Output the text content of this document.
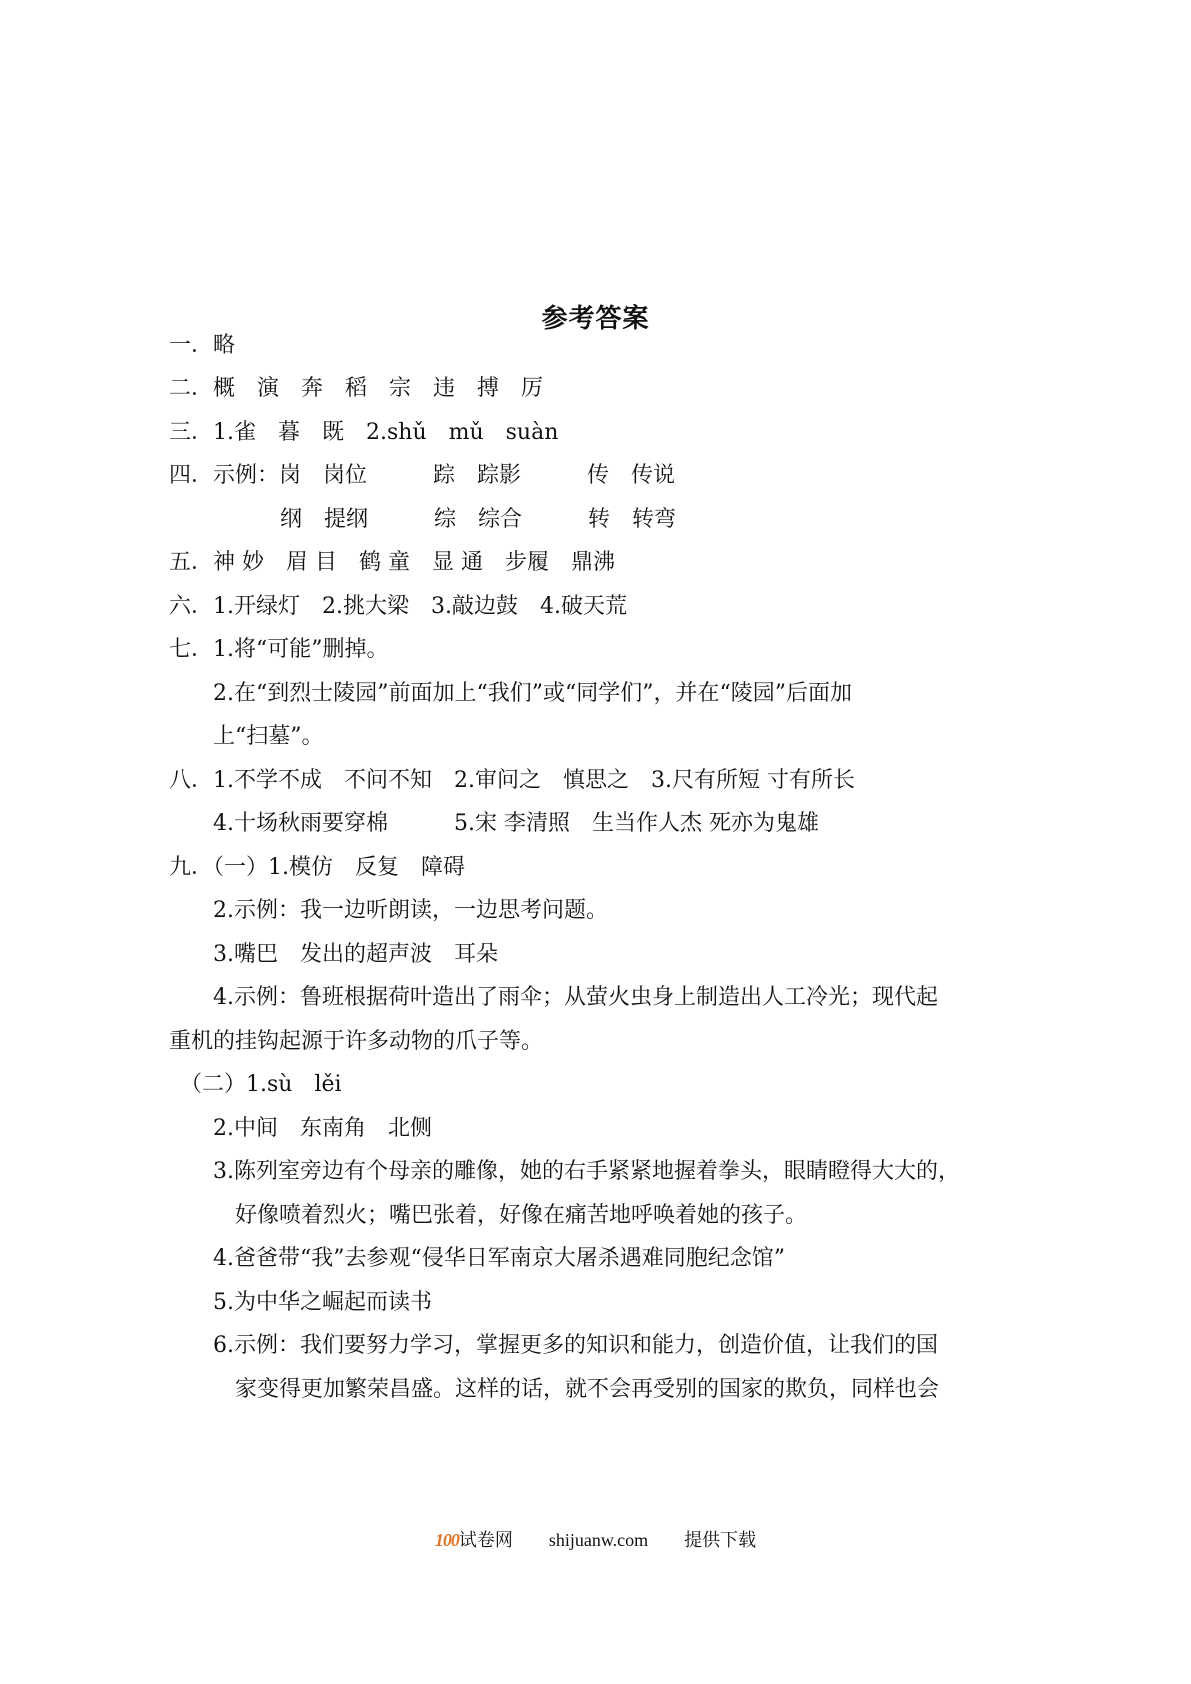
参考答案
一．略
二．概　演　奔　稻　宗　违　搏　厉
三．1.雀　暮　既　2.shǔ　mǔ　suàn
四．示例：岗　岗位　　　踪　踪影　　　传　传说
纲　提纲　　　综　综合　　　转　转弯
五．神 妙　眉 目　鹤 童　显 通　步履　鼎沸
六．1.开绿灯　2.挑大梁　3.敲边鼓　4.破天荒
七．1.将“可能”删掉。
2.在“到烈士陵园”前面加上“我们”或“同学们”，并在“陵园”后面加
上“扫墓”。
八．1.不学不成　不问不知　2.审问之　慎思之　3.尺有所短 寸有所长
4.十场秋雨要穿棉　　　5.宋 李清照　生当作人杰 死亦为鬼雄
九．（一）1.模仿　反复　障碍
2.示例：我一边听朗读，一边思考问题。
3.嘴巴　发出的超声波　耳朵
4.示例：鲁班根据荷叶造出了雨伞；从萤火虫身上制造出人工冷光；现代起
重机的挂钩起源于许多动物的爪子等。
（二）1.sù　lěi
2.中间　东南角　北侧
3.陈列室旁边有个母亲的雕像，她的右手紧紧地握着拳头，眼睛瞪得大大的，
好像喷着烈火；嘴巴张着，好像在痛苦地呼唤着她的孩子。
4.爸爸带“我”去参观“侵华日军南京大屠杀遇难同胞纪念馆”
5.为中华之崛起而读书
6.示例：我们要努力学习，掌握更多的知识和能力，创造价值，让我们的国
家变得更加繁荣昌盛。这样的话，就不会再受别的国家的欺负，同样也会
100试卷网 shijuanw.com 提供下载
